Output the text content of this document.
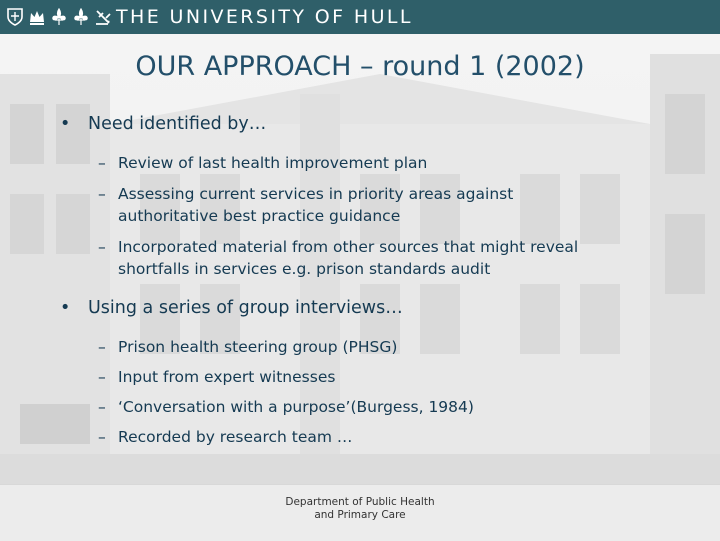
THE UNIVERSITY OF HULL
OUR APPROACH – round 1 (2002)
• Need identified by…
– Review of last health improvement plan
– Assessing current services in priority areas against
authoritative best practice guidance
– Incorporated material from other sources that might reveal
shortfalls in services e.g. prison standards audit
• Using a series of group interviews…
– Prison health steering group (PHSG)
– Input from expert witnesses
– ‘Conversation with a purpose’(Burgess, 1984)
– Recorded by research team …
Department of Public Health
and Primary Care
